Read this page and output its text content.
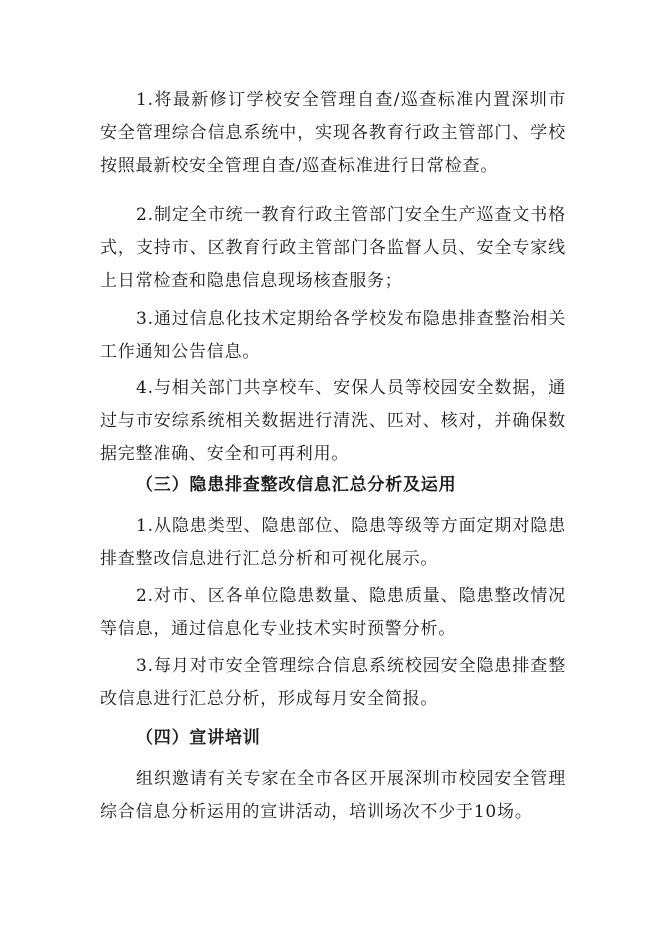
1.将最新修订学校安全管理自查/巡查标准内置深圳市安全管理综合信息系统中，实现各教育行政主管部门、学校按照最新校安全管理自查/巡查标准进行日常检查。

2.制定全市统一教育行政主管部门安全生产巡查文书格式，支持市、区教育行政主管部门各监督人员、安全专家线上日常检查和隐患信息现场核查服务；

3.通过信息化技术定期给各学校发布隐患排查整治相关工作通知公告信息。

4.与相关部门共享校车、安保人员等校园安全数据，通过与市安综系统相关数据进行清洗、匹对、核对，并确保数据完整准确、安全和可再利用。

（三）隐患排查整改信息汇总分析及运用

1.从隐患类型、隐患部位、隐患等级等方面定期对隐患排查整改信息进行汇总分析和可视化展示。

2.对市、区各单位隐患数量、隐患质量、隐患整改情况等信息，通过信息化专业技术实时预警分析。

3.每月对市安全管理综合信息系统校园安全隐患排查整改信息进行汇总分析，形成每月安全简报。

（四）宣讲培训

组织邀请有关专家在全市各区开展深圳市校园安全管理综合信息分析运用的宣讲活动，培训场次不少于10场。
